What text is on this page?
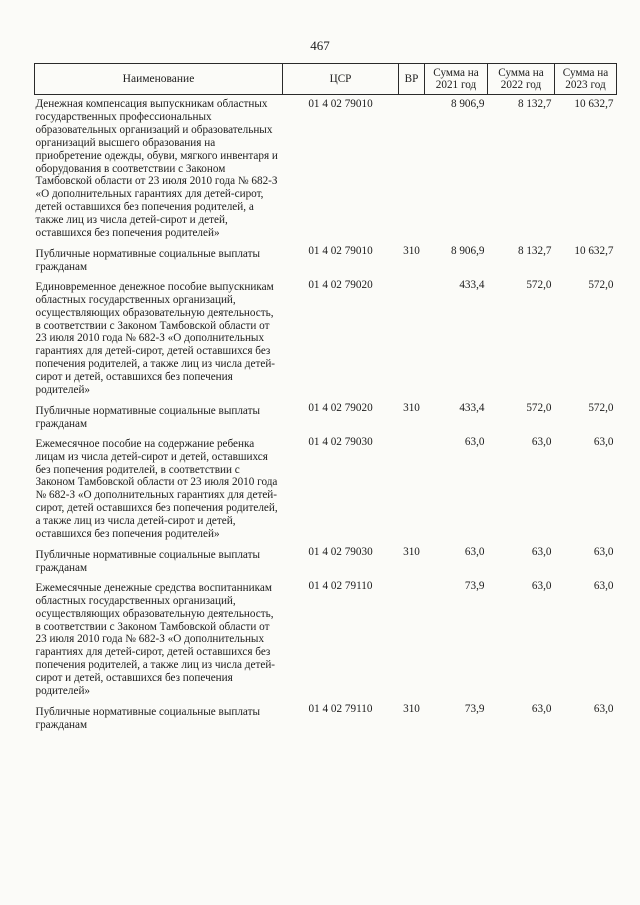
467
Наименование	ЦСР	ВР	Сумма на 2021 год	Сумма на 2022 год	Сумма на 2023 год
Денежная компенсация выпускникам областных государственных профессиональных образовательных организаций и образовательных организаций высшего образования на приобретение одежды, обуви, мягкого инвентаря и оборудования в соответствии с Законом Тамбовской области от 23 июля 2010 года № 682-З «О дополнительных гарантиях для детей-сирот, детей оставшихся без попечения родителей, а также лиц из числа детей-сирот и детей, оставшихся без попечения родителей»	01 4 02 79010		8 906,9	8 132,7	10 632,7
Публичные нормативные социальные выплаты гражданам	01 4 02 79010	310	8 906,9	8 132,7	10 632,7
Единовременное денежное пособие выпускникам областных государственных организаций, осуществляющих образовательную деятельность, в соответствии с Законом Тамбовской области от 23 июля 2010 года № 682-З «О дополнительных гарантиях для детей-сирот, детей оставшихся без попечения родителей, а также лиц из числа детей-сирот и детей, оставшихся без попечения родителей»	01 4 02 79020		433,4	572,0	572,0
Публичные нормативные социальные выплаты гражданам	01 4 02 79020	310	433,4	572,0	572,0
Ежемесячное пособие на содержание ребенка лицам из числа детей-сирот и детей, оставшихся без попечения родителей, в соответствии с Законом Тамбовской области от 23 июля 2010 года № 682-З «О дополнительных гарантиях для детей-сирот, детей оставшихся без попечения родителей, а также лиц из числа детей-сирот и детей, оставшихся без попечения родителей»	01 4 02 79030		63,0	63,0	63,0
Публичные нормативные социальные выплаты гражданам	01 4 02 79030	310	63,0	63,0	63,0
Ежемесячные денежные средства воспитанникам областных государственных организаций, осуществляющих образовательную деятельность, в соответствии с Законом Тамбовской области от 23 июля 2010 года № 682-З «О дополнительных гарантиях для детей-сирот, детей оставшихся без попечения родителей, а также лиц из числа детей-сирот и детей, оставшихся без попечения родителей»	01 4 02 79110		73,9	63,0	63,0
Публичные нормативные социальные выплаты гражданам	01 4 02 79110	310	73,9	63,0	63,0
